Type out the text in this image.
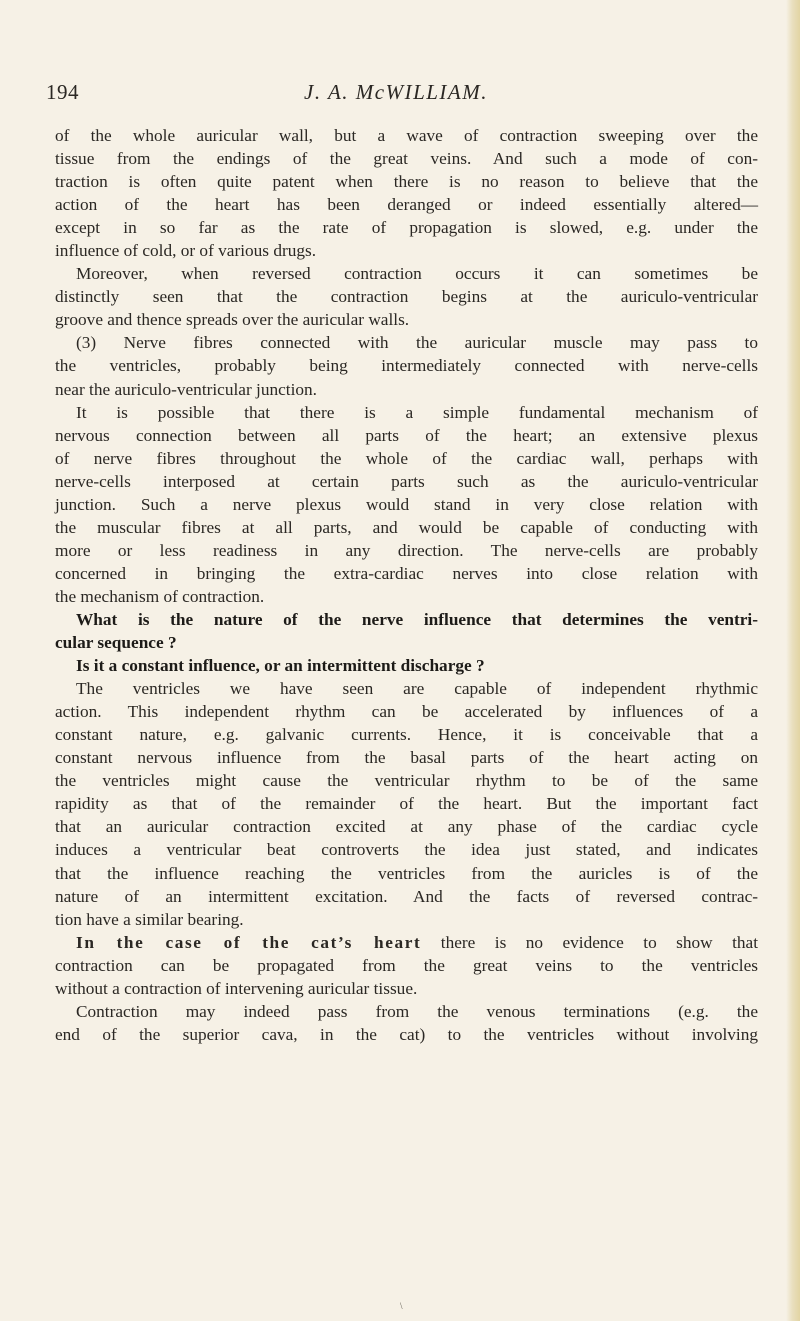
194	J. A. McWILLIAM.
of the whole auricular wall, but a wave of contraction sweeping over the
tissue from the endings of the great veins. And such a mode of con-
traction is often quite patent when there is no reason to believe that the
action of the heart has been deranged or indeed essentially altered—
except in so far as the rate of propagation is slowed, e.g. under the
influence of cold, or of various drugs.
Moreover, when reversed contraction occurs it can sometimes be
distinctly seen that the contraction begins at the auriculo-ventricular
groove and thence spreads over the auricular walls.
(3) Nerve fibres connected with the auricular muscle may pass to
the ventricles, probably being intermediately connected with nerve-cells
near the auriculo-ventricular junction.
It is possible that there is a simple fundamental mechanism of
nervous connection between all parts of the heart; an extensive plexus
of nerve fibres throughout the whole of the cardiac wall, perhaps with
nerve-cells interposed at certain parts such as the auriculo-ventricular
junction. Such a nerve plexus would stand in very close relation with
the muscular fibres at all parts, and would be capable of conducting with
more or less readiness in any direction. The nerve-cells are probably
concerned in bringing the extra-cardiac nerves into close relation with
the mechanism of contraction.
What is the nature of the nerve influence that determines the ventri-
cular sequence ?
Is it a constant influence, or an intermittent discharge ?
The ventricles we have seen are capable of independent rhythmic
action. This independent rhythm can be accelerated by influences of a
constant nature, e.g. galvanic currents. Hence, it is conceivable that a
constant nervous influence from the basal parts of the heart acting on
the ventricles might cause the ventricular rhythm to be of the same
rapidity as that of the remainder of the heart. But the important fact
that an auricular contraction excited at any phase of the cardiac cycle
induces a ventricular beat controverts the idea just stated, and indicates
that the influence reaching the ventricles from the auricles is of the
nature of an intermittent excitation. And the facts of reversed contrac-
tion have a similar bearing.
In the case of the cat’s heart there is no evidence to show that
contraction can be propagated from the great veins to the ventricles
without a contraction of intervening auricular tissue.
Contraction may indeed pass from the venous terminations (e.g. the
end of the superior cava, in the cat) to the ventricles without involving
\
